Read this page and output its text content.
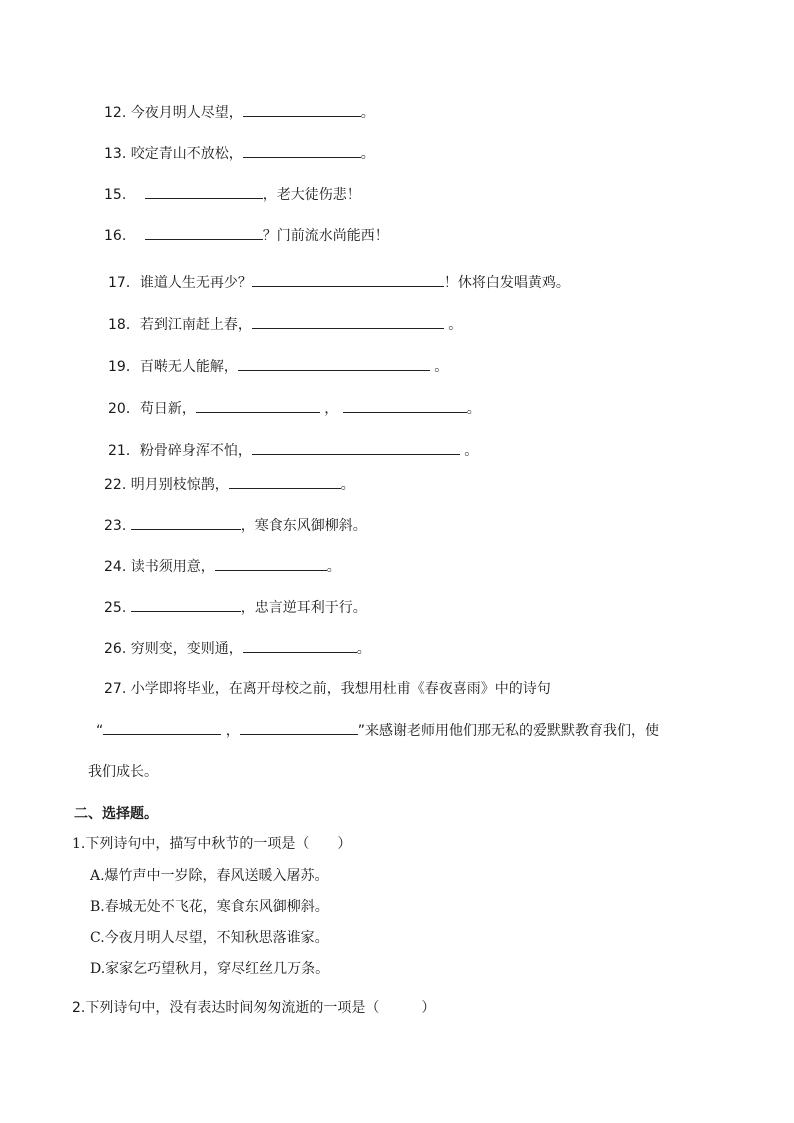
12. 今夜月明人尽望，	。
13. 咬定青山不放松，	。
15.	，老大徒伤悲！
16.	？门前流水尚能西！
17．谁道人生无再少？	！休将白发唱黄鸡。
18．若到江南赶上春，	。
19．百啭无人能解，	。
20．苟日新，	，	。
21．粉骨碎身浑不怕，	。
22. 明月别枝惊鹊，	。
23.	，寒食东风御柳斜。
24. 读书须用意，	。
25.	，忠言逆耳利于行。
26. 穷则变，变则通，	。
27. 小学即将毕业，在离开母校之前，我想用杜甫《春夜喜雨》中的诗句
“	，	”来感谢老师用他们那无私的爱默默教育我们，使
我们成长。
二、选择题。
1.下列诗句中，描写中秋节的一项是（　　）
A.爆竹声中一岁除，春风送暖入屠苏。
B.春城无处不飞花，寒食东风御柳斜。
C.今夜月明人尽望，不知秋思落谁家。
D.家家乞巧望秋月，穿尽红丝几万条。
2.下列诗句中，没有表达时间匆匆流逝的一项是（　　　）
